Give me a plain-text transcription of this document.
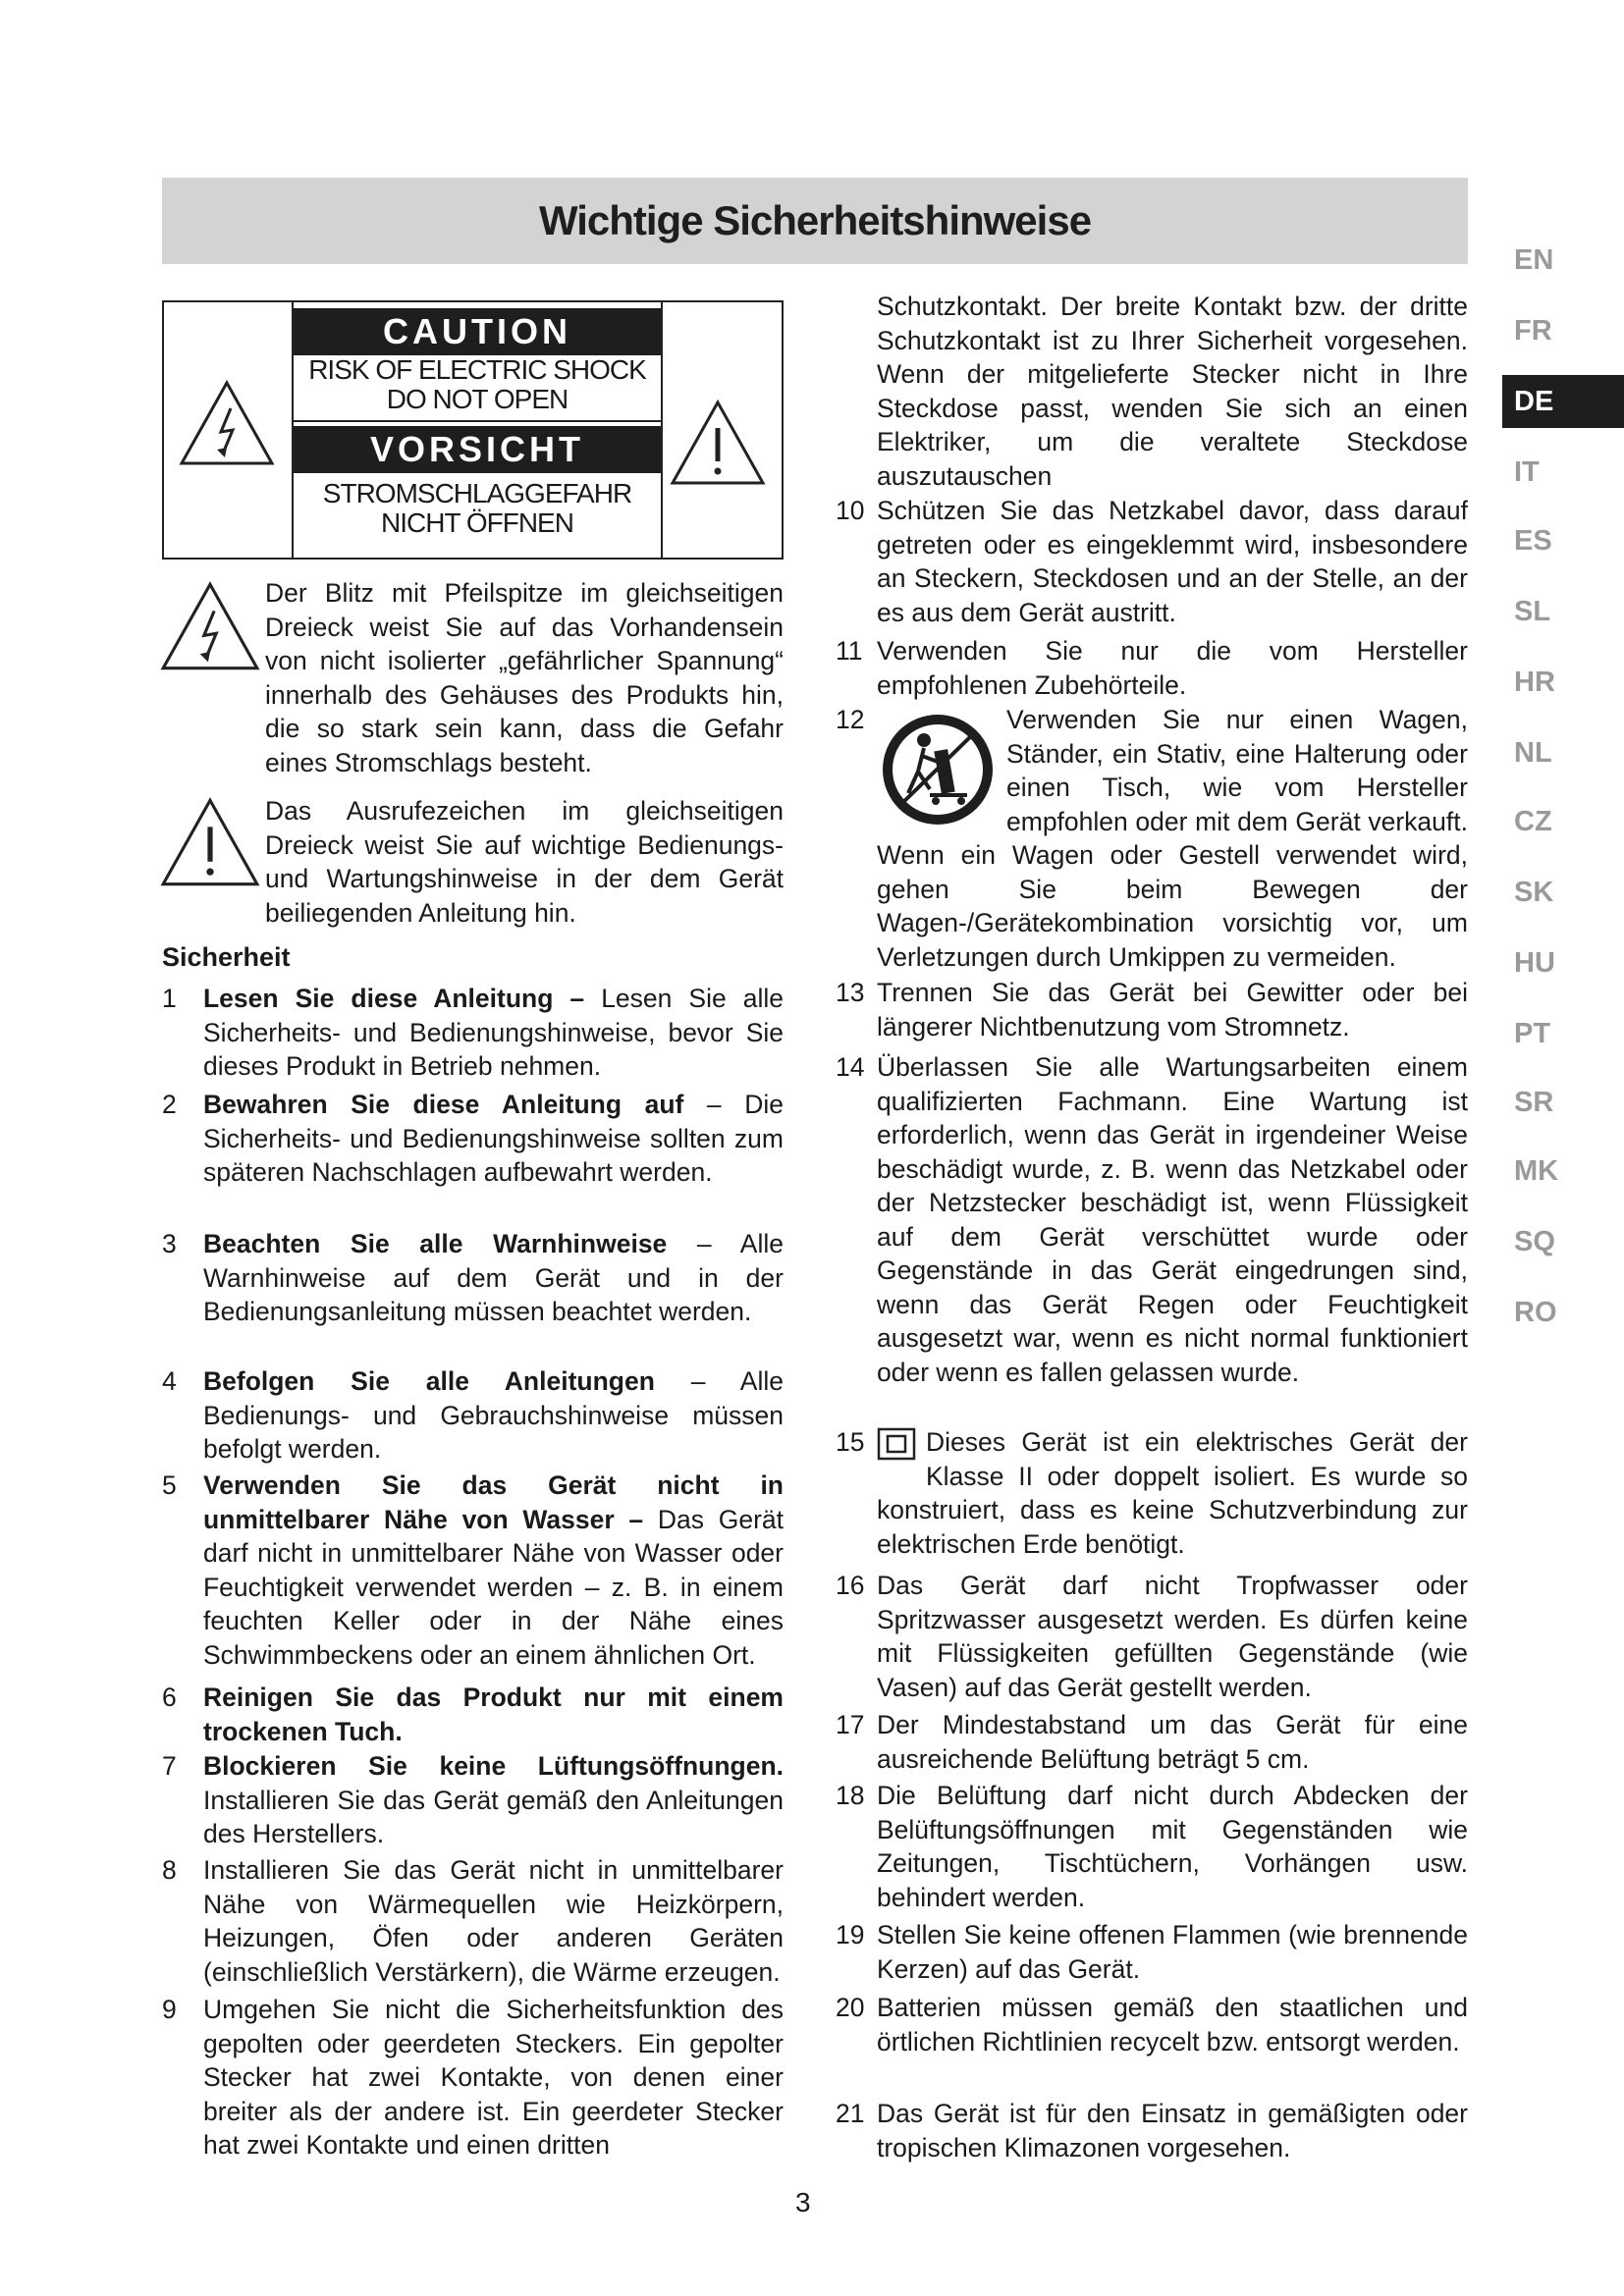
Wichtige Sicherheitshinweise
EN
FR
DE
IT
ES
SL
HR
NL
CZ
SK
HU
PT
SR
MK
SQ
RO
CAUTION
RISK OF ELECTRIC SHOCK
DO NOT OPEN
VORSICHT
STROMSCHLAGGEFAHR
NICHT ÖFFNEN
Der Blitz mit Pfeilspitze im gleichseitigen Dreieck weist Sie auf das Vorhandensein von nicht isolierter „gefährlicher Spannung“ innerhalb des Gehäuses des Produkts hin, die so stark sein kann, dass die Gefahr eines Stromschlags besteht.
Das Ausrufezeichen im gleichseitigen Dreieck weist Sie auf wichtige Bedienungs- und Wartungshinweise in der dem Gerät beiliegenden Anleitung hin.
Sicherheit
1 Lesen Sie diese Anleitung – Lesen Sie alle Sicherheits- und Bedienungshinweise, bevor Sie dieses Produkt in Betrieb nehmen.
2 Bewahren Sie diese Anleitung auf – Die Sicherheits- und Bedienungshinweise sollten zum späteren Nachschlagen aufbewahrt werden.
3 Beachten Sie alle Warnhinweise – Alle Warnhinweise auf dem Gerät und in der Bedienungsanleitung müssen beachtet werden.
4 Befolgen Sie alle Anleitungen – Alle Bedienungs- und Gebrauchshinweise müssen befolgt werden.
5 Verwenden Sie das Gerät nicht in unmittelbarer Nähe von Wasser – Das Gerät darf nicht in unmittelbarer Nähe von Wasser oder Feuchtigkeit verwendet werden – z. B. in einem feuchten Keller oder in der Nähe eines Schwimmbeckens oder an einem ähnlichen Ort.
6 Reinigen Sie das Produkt nur mit einem trockenen Tuch.
7 Blockieren Sie keine Lüftungsöffnungen. Installieren Sie das Gerät gemäß den Anleitungen des Herstellers.
8 Installieren Sie das Gerät nicht in unmittelbarer Nähe von Wärmequellen wie Heizkörpern, Heizungen, Öfen oder anderen Geräten (einschließlich Verstärkern), die Wärme erzeugen.
9 Umgehen Sie nicht die Sicherheitsfunktion des gepolten oder geerdeten Steckers. Ein gepolter Stecker hat zwei Kontakte, von denen einer breiter als der andere ist. Ein geerdeter Stecker hat zwei Kontakte und einen dritten
Schutzkontakt. Der breite Kontakt bzw. der dritte Schutzkontakt ist zu Ihrer Sicherheit vorgesehen. Wenn der mitgelieferte Stecker nicht in Ihre Steckdose passt, wenden Sie sich an einen Elektriker, um die veraltete Steckdose auszutauschen
10 Schützen Sie das Netzkabel davor, dass darauf getreten oder es eingeklemmt wird, insbesondere an Steckern, Steckdosen und an der Stelle, an der es aus dem Gerät austritt.
11 Verwenden Sie nur die vom Hersteller empfohlenen Zubehörteile.
12	Verwenden Sie nur einen Wagen, Ständer, ein Stativ, eine Halterung oder einen Tisch, wie vom Hersteller empfohlen oder mit dem Gerät verkauft. Wenn ein Wagen oder Gestell verwendet wird, gehen Sie beim Bewegen der Wagen-/Gerätekombination vorsichtig vor, um Verletzungen durch Umkippen zu vermeiden.
13 Trennen Sie das Gerät bei Gewitter oder bei längerer Nichtbenutzung vom Stromnetz.
14 Überlassen Sie alle Wartungsarbeiten einem qualifizierten Fachmann. Eine Wartung ist erforderlich, wenn das Gerät in irgendeiner Weise beschädigt wurde, z. B. wenn das Netzkabel oder der Netzstecker beschädigt ist, wenn Flüssigkeit auf dem Gerät verschüttet wurde oder Gegenstände in das Gerät eingedrungen sind, wenn das Gerät Regen oder Feuchtigkeit ausgesetzt war, wenn es nicht normal funktioniert oder wenn es fallen gelassen wurde.
15	Dieses Gerät ist ein elektrisches Gerät der Klasse II oder doppelt isoliert. Es wurde so konstruiert, dass es keine Schutzverbindung zur elektrischen Erde benötigt.
16 Das Gerät darf nicht Tropfwasser oder Spritzwasser ausgesetzt werden. Es dürfen keine mit Flüssigkeiten gefüllten Gegenstände (wie Vasen) auf das Gerät gestellt werden.
17 Der Mindestabstand um das Gerät für eine ausreichende Belüftung beträgt 5 cm.
18 Die Belüftung darf nicht durch Abdecken der Belüftungsöffnungen mit Gegenständen wie Zeitungen, Tischtüchern, Vorhängen usw. behindert werden.
19 Stellen Sie keine offenen Flammen (wie brennende Kerzen) auf das Gerät.
20 Batterien müssen gemäß den staatlichen und örtlichen Richtlinien recycelt bzw. entsorgt werden.
21 Das Gerät ist für den Einsatz in gemäßigten oder tropischen Klimazonen vorgesehen.
3
